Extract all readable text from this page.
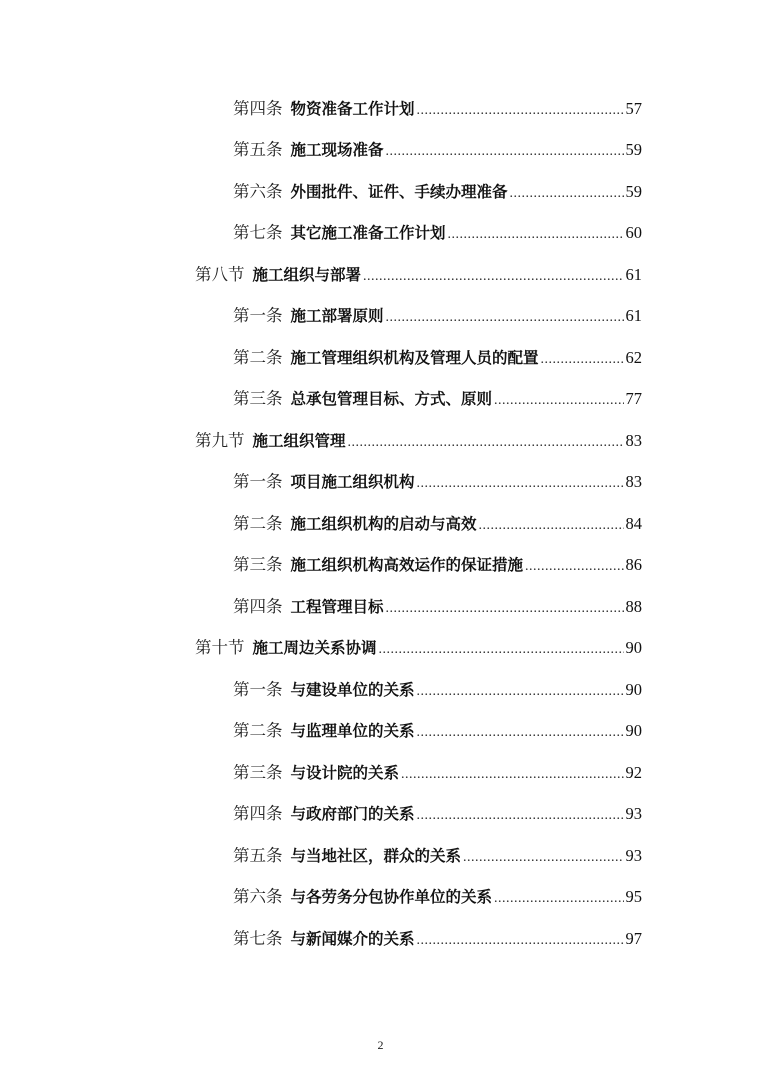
第四条 物资准备工作计划 .....	57
第五条 施工现场准备 .....	59
第六条 外围批件、证件、手续办理准备 .....	59
第七条 其它施工准备工作计划 .....	60
第八节 施工组织与部署 .....	61
第一条 施工部署原则 .....	61
第二条 施工管理组织机构及管理人员的配置 .....	62
第三条 总承包管理目标、方式、原则 .....	77
第九节 施工组织管理 .....	83
第一条 项目施工组织机构 .....	83
第二条 施工组织机构的启动与高效 .....	84
第三条 施工组织机构高效运作的保证措施 .....	86
第四条 工程管理目标 .....	88
第十节 施工周边关系协调 .....	90
第一条 与建设单位的关系 .....	90
第二条 与监理单位的关系 .....	90
第三条 与设计院的关系 .....	92
第四条 与政府部门的关系 .....	93
第五条 与当地社区，群众的关系 .....	93
第六条 与各劳务分包协作单位的关系 .....	95
第七条 与新闻媒介的关系 .....	97
2
